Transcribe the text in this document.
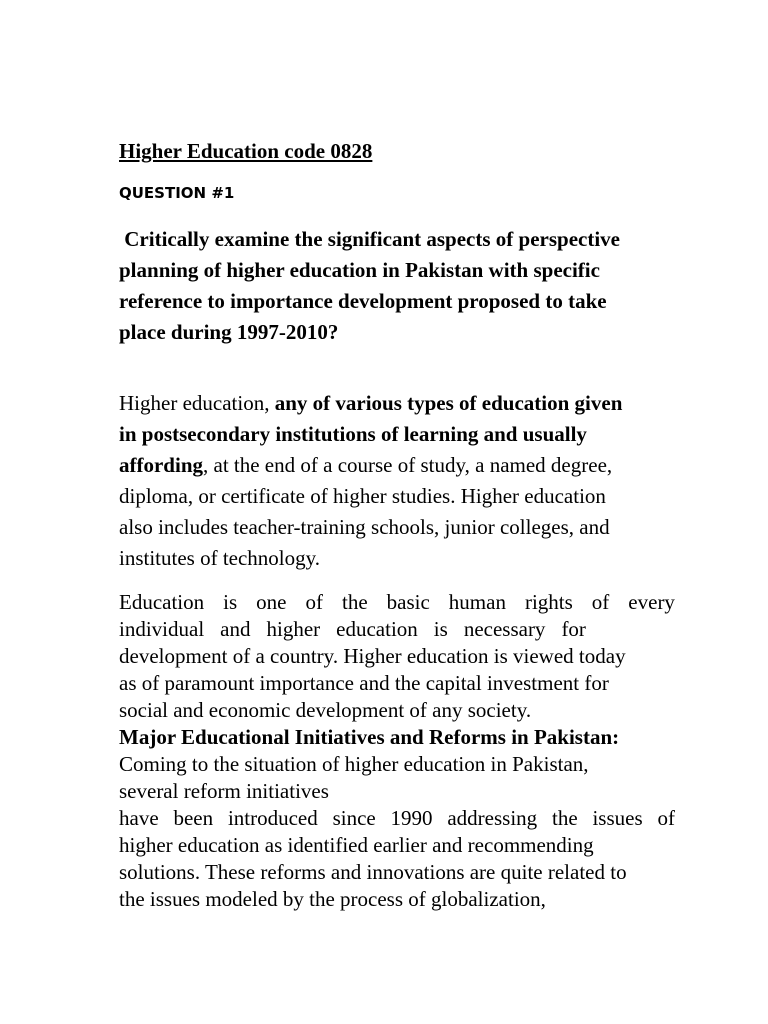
Higher Education code 0828
QUESTION #1
Critically examine the significant aspects of perspective
planning of higher education in Pakistan with specific
reference to importance development proposed to take
place during 1997-2010?
Higher education, any of various types of education given
in postsecondary institutions of learning and usually
affording, at the end of a course of study, a named degree,
diploma, or certificate of higher studies. Higher education
also includes teacher-training schools, junior colleges, and
institutes of technology.
Education is one of the basic human rights of every
individual and higher education is necessary for
development of a country. Higher education is viewed today
as of paramount importance and the capital investment for
social and economic development of any society.
Major Educational Initiatives and Reforms in Pakistan:
Coming to the situation of higher education in Pakistan,
several reform initiatives
have been introduced since 1990 addressing the issues of
higher education as identified earlier and recommending
solutions. These reforms and innovations are quite related to
the issues modeled by the process of globalization,
